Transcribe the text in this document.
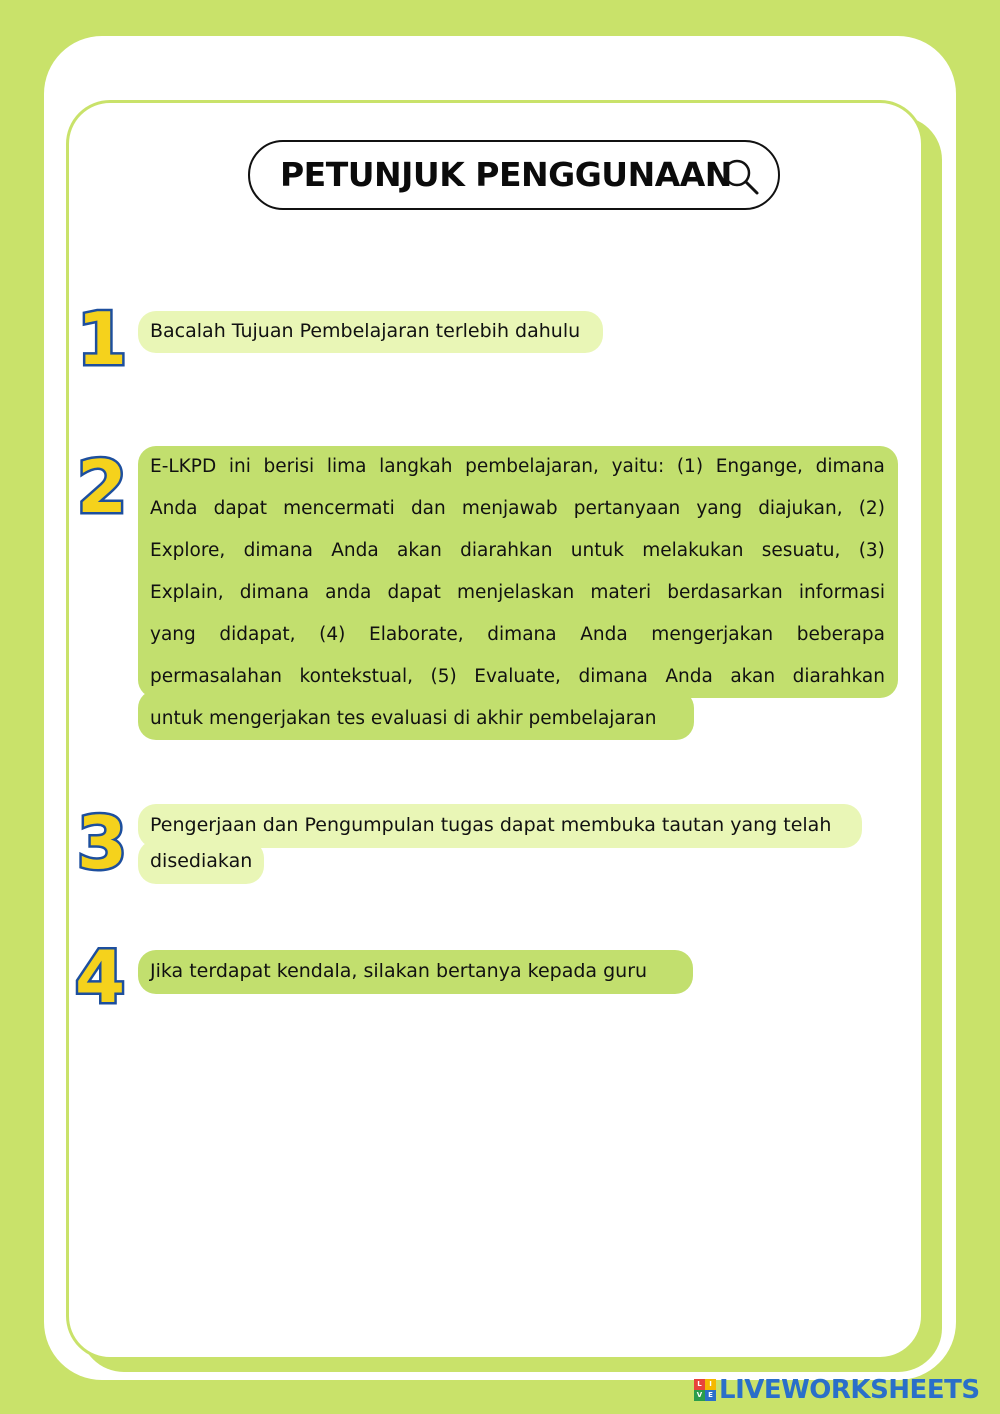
PETUNJUK PENGGUNAAN
1 Bacalah Tujuan Pembelajaran terlebih dahulu
2 E-LKPD ini berisi lima langkah pembelajaran, yaitu: (1) Engange, dimana
Anda dapat mencermati dan menjawab pertanyaan yang diajukan, (2)
Explore, dimana Anda akan diarahkan untuk melakukan sesuatu, (3)
Explain, dimana anda dapat menjelaskan materi berdasarkan informasi
yang didapat, (4) Elaborate, dimana Anda mengerjakan beberapa
permasalahan kontekstual, (5) Evaluate, dimana Anda akan diarahkan
untuk mengerjakan tes evaluasi di akhir pembelajaran
3 Pengerjaan dan Pengumpulan tugas dapat membuka tautan yang telah
disediakan
4 Jika terdapat kendala, silakan bertanya kepada guru
L	I
V E LIVEWORKSHEETS
